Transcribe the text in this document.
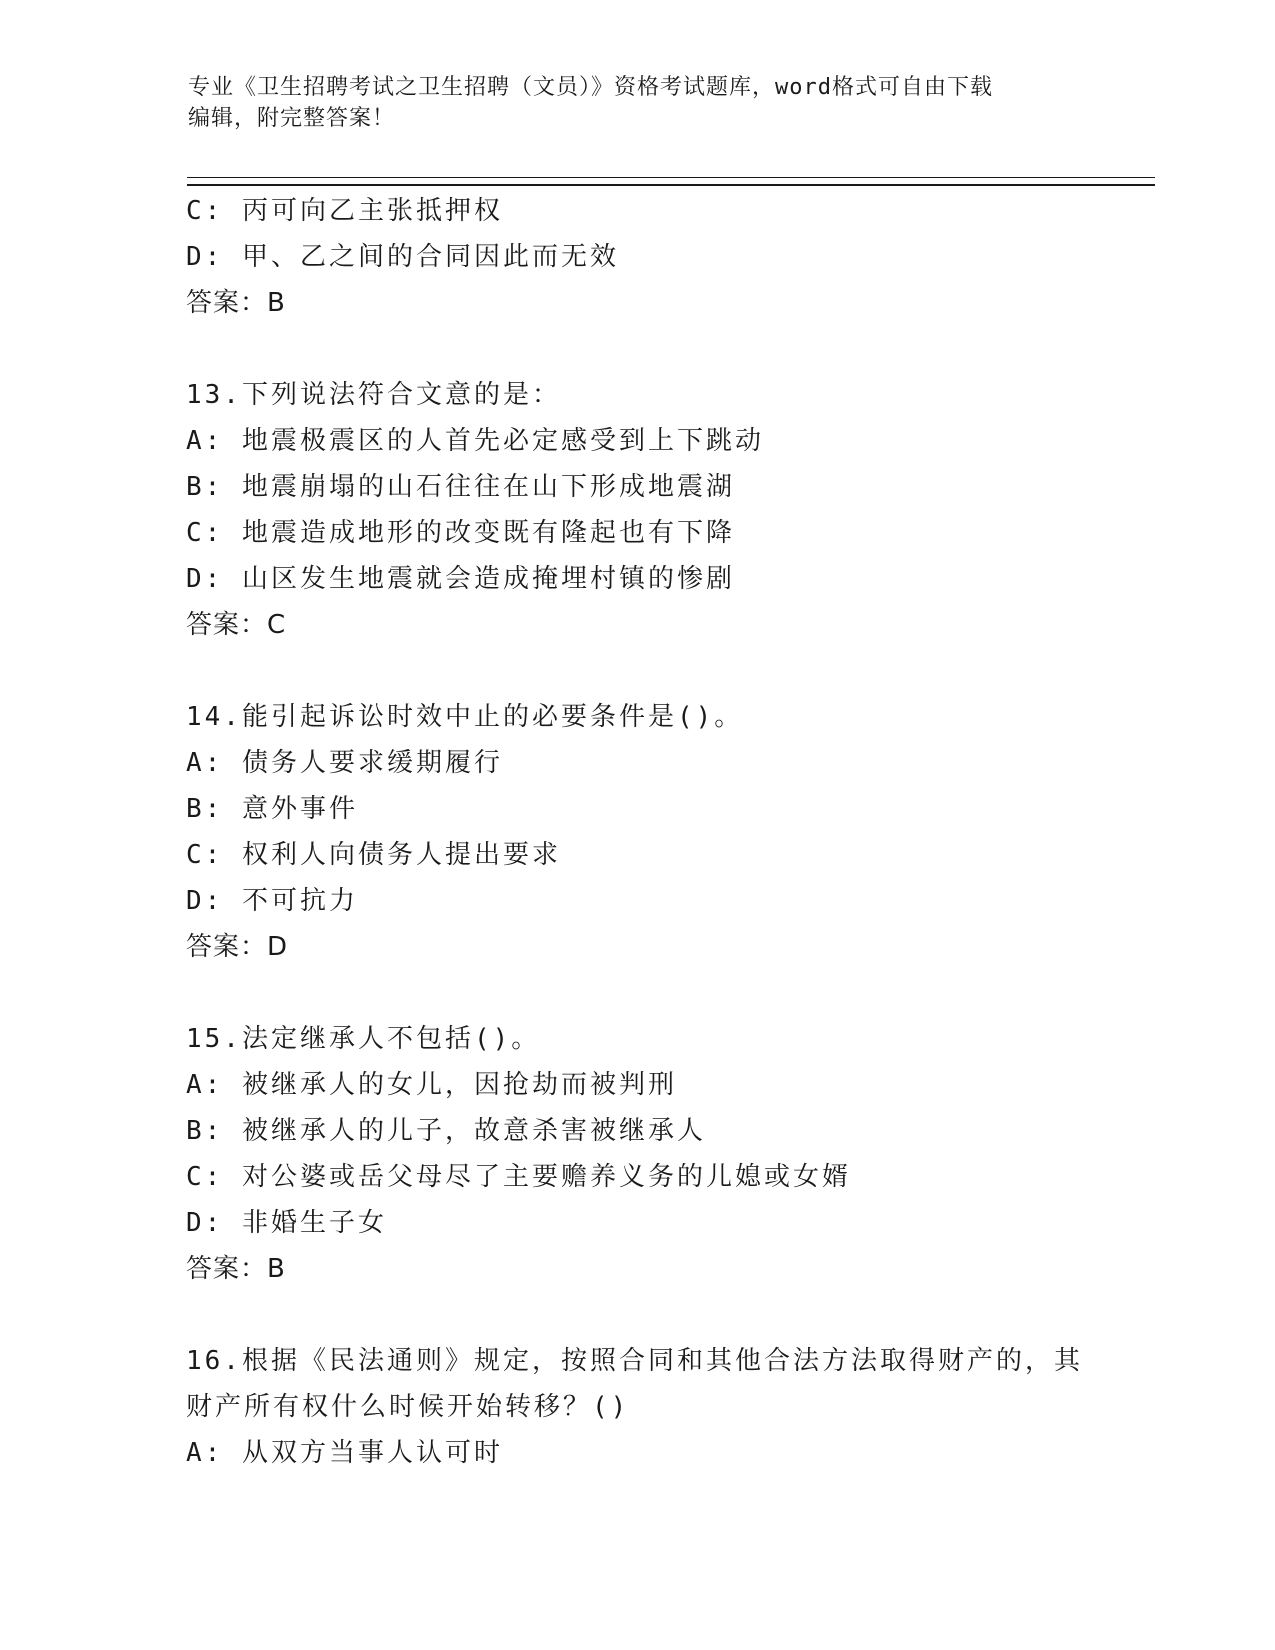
专业《卫生招聘考试之卫生招聘（文员）》资格考试题库，word格式可自由下载
编辑，附完整答案！
C: 丙可向乙主张抵押权
D: 甲、乙之间的合同因此而无效
答案：B
13.下列说法符合文意的是：
A: 地震极震区的人首先必定感受到上下跳动
B: 地震崩塌的山石往往在山下形成地震湖
C: 地震造成地形的改变既有隆起也有下降
D: 山区发生地震就会造成掩埋村镇的惨剧
答案：C
14.能引起诉讼时效中止的必要条件是()。
A: 债务人要求缓期履行
B: 意外事件
C: 权利人向债务人提出要求
D: 不可抗力
答案：D
15.法定继承人不包括()。
A: 被继承人的女儿，因抢劫而被判刑
B: 被继承人的儿子，故意杀害被继承人
C: 对公婆或岳父母尽了主要赡养义务的儿媳或女婿
D: 非婚生子女
答案：B
16.根据《民法通则》规定，按照合同和其他合法方法取得财产的，其
财产所有权什么时候开始转移？()
A: 从双方当事人认可时
